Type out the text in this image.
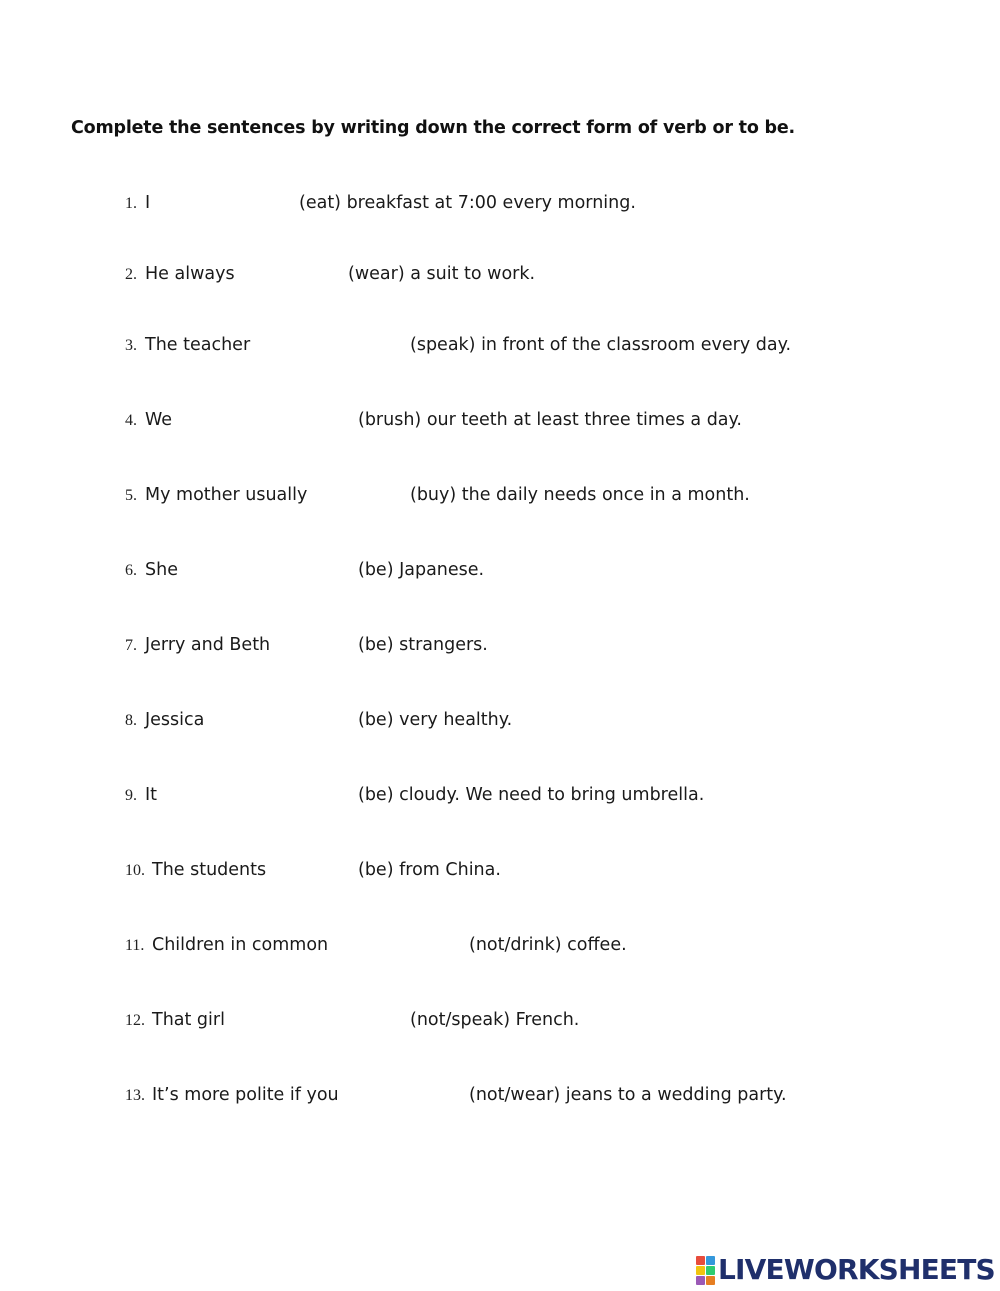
Complete the sentences by writing down the correct form of verb or to be.
1. I	(eat) breakfast at 7:00 every morning.
2. He always	(wear) a suit to work.
3. The teacher	(speak) in front of the classroom every day.
4. We	(brush) our teeth at least three times a day.
5. My mother usually	(buy) the daily needs once in a month.
6. She	(be) Japanese.
7. Jerry and Beth	(be) strangers.
8. Jessica	(be) very healthy.
9. It	(be) cloudy. We need to bring umbrella.
10. The students	(be) from China.
11. Children in common	(not/drink) coffee.
12. That girl	(not/speak) French.
13. It’s more polite if you	(not/wear) jeans to a wedding party.
LIVEWORKSHEETS
